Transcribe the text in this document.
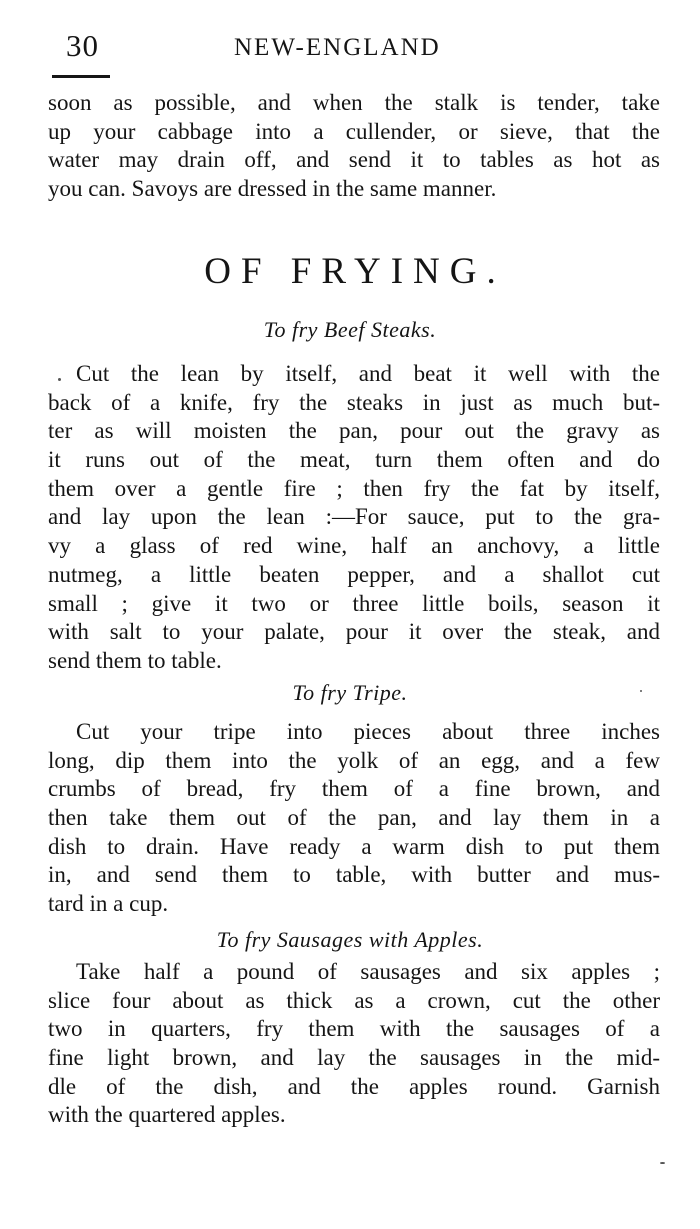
30	NEW-ENGLAND
soon as possible, and when the stalk is tender, take
up your cabbage into a cullender, or sieve, that the
water may drain off, and send it to tables as hot as
you can. Savoys are dressed in the same manner.
OF FRYING.
To fry Beef Steaks.
Cut the lean by itself, and beat it well with the
back of a knife, fry the steaks in just as much but-
ter as will moisten the pan, pour out the gravy as
it runs out of the meat, turn them often and do
them over a gentle fire ; then fry the fat by itself,
and lay upon the lean :—For sauce, put to the gra-
vy a glass of red wine, half an anchovy, a little
nutmeg, a little beaten pepper, and a shallot cut
small ; give it two or three little boils, season it
with salt to your palate, pour it over the steak, and
send them to table.
To fry Tripe.
Cut your tripe into pieces about three inches
long, dip them into the yolk of an egg, and a few
crumbs of bread, fry them of a fine brown, and
then take them out of the pan, and lay them in a
dish to drain. Have ready a warm dish to put them
in, and send them to table, with butter and mus-
tard in a cup.
To fry Sausages with Apples.
Take half a pound of sausages and six apples ;
slice four about as thick as a crown, cut the other
two in quarters, fry them with the sausages of a
fine light brown, and lay the sausages in the mid-
dle of the dish, and the apples round. Garnish
with the quartered apples.
